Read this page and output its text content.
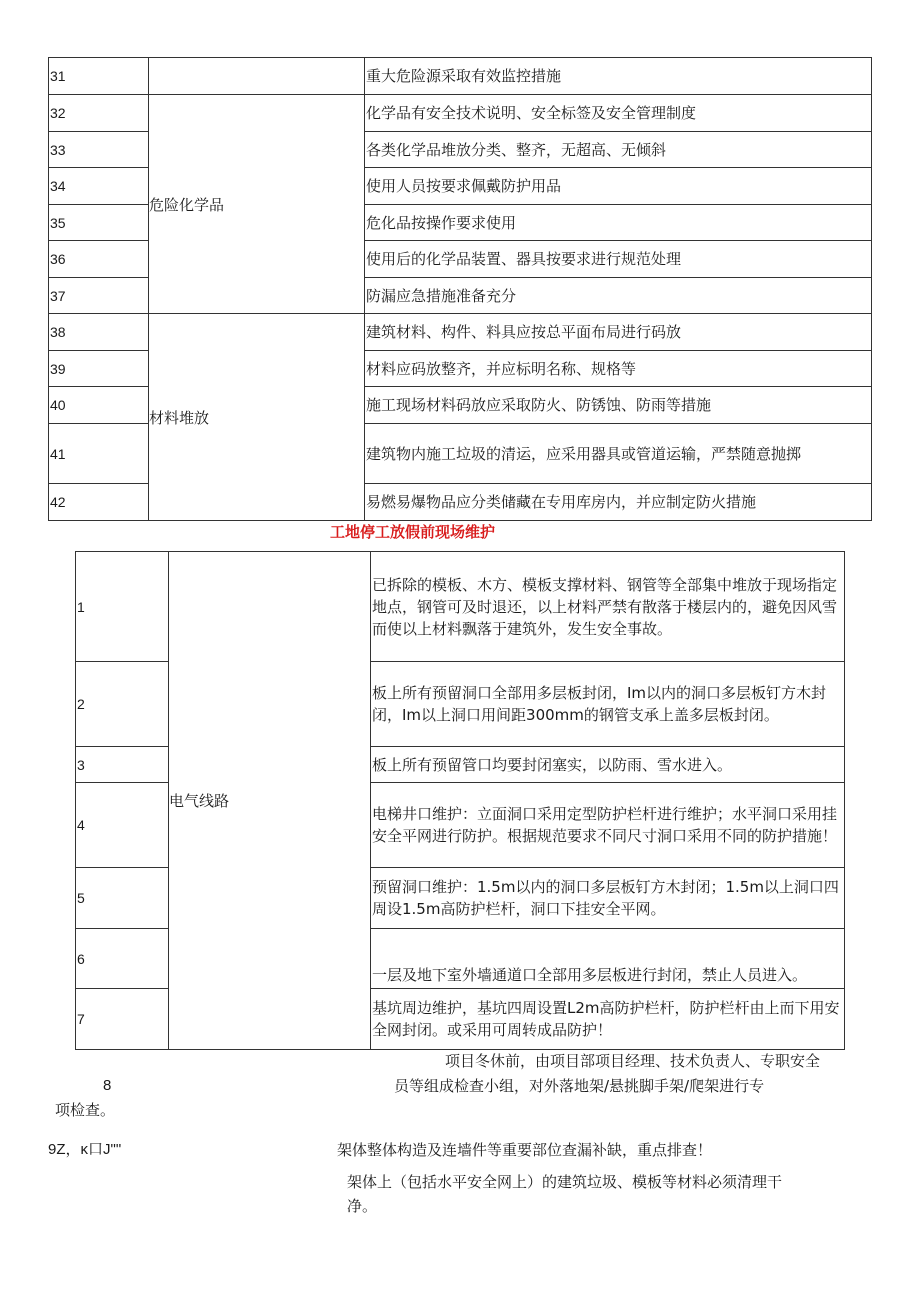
31		重大危险源采取有效监控措施
32	危险化学品	化学品有安全技术说明、安全标签及安全管理制度
33		各类化学品堆放分类、整齐，无超高、无倾斜
34		使用人员按要求佩戴防护用品
35		危化品按操作要求使用
36		使用后的化学品装置、器具按要求进行规范处理
37		防漏应急措施准备充分
38	材料堆放	建筑材料、构件、料具应按总平面布局进行码放
39		材料应码放整齐，并应标明名称、规格等
40		施工现场材料码放应采取防火、防锈蚀、防雨等措施
41		建筑物内施工垃圾的清运，应采用器具或管道运输，严禁随意抛掷
42		易燃易爆物品应分类储藏在专用库房内，并应制定防火措施
工地停工放假前现场维护
1	电气线路	已拆除的模板、木方、模板支撑材料、钢管等全部集中堆放于现场指定地点，钢管可及时退还，以上材料严禁有散落于楼层内的，避免因风雪而使以上材料飘落于建筑外，发生安全事故。
2		板上所有预留洞口全部用多层板封闭，Im以内的洞口多层板钉方木封闭，Im以上洞口用间距300mm的钢管支承上盖多层板封闭。
3		板上所有预留管口均要封闭塞实，以防雨、雪水进入。
4		电梯井口维护：立面洞口采用定型防护栏杆进行维护；水平洞口采用挂安全平网进行防护。根据规范要求不同尺寸洞口采用不同的防护措施！
5		预留洞口维护：1.5m以内的洞口多层板钉方木封闭；1.5m以上洞口四周设1.5m高防护栏杆，洞口下挂安全平网。
6		一层及地下室外墙通道口全部用多层板进行封闭，禁止人员进入。
7		基坑周边维护，基坑四周设置L2m高防护栏杆，防护栏杆由上而下用安全网封闭。或采用可周转成品防护！
项目冬休前，由项目部项目经理、技术负责人、专职安全
8	员等组成检查小组，对外落地架/悬挑脚手架/爬架进行专
项检查。
9Z，κ口J""	架体整体构造及连墙件等重要部位查漏补缺，重点排查！
架体上（包括水平安全网上）的建筑垃圾、模板等材料必须清理干
净。
